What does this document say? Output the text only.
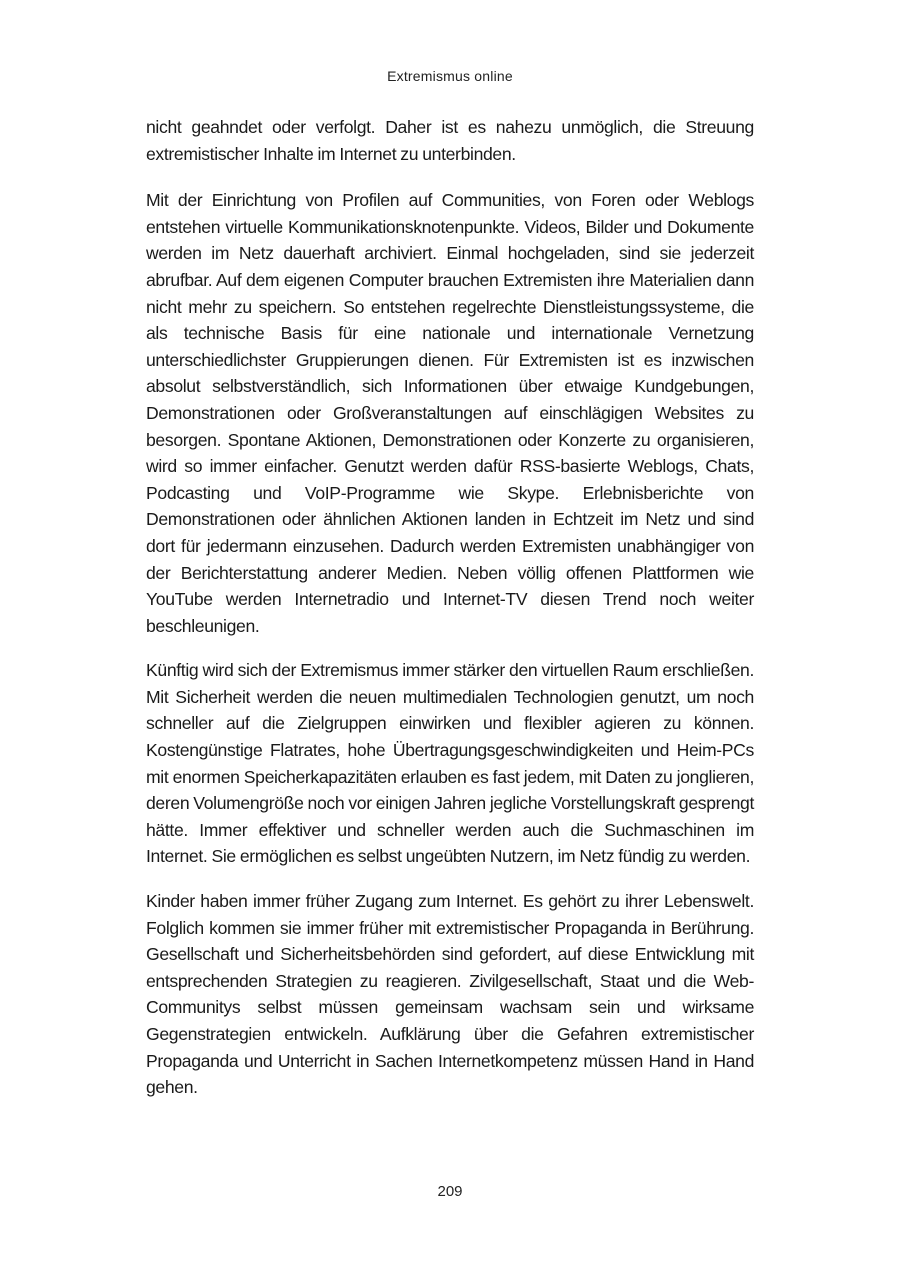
Extremismus online

nicht geahndet oder verfolgt. Daher ist es nahezu unmöglich, die Streuung extremistischer Inhalte im Internet zu unterbinden.

Mit der Einrichtung von Profilen auf Communities, von Foren oder Weblogs entstehen virtuelle Kommunikationsknotenpunkte. Videos, Bilder und Dokumente werden im Netz dauerhaft archiviert. Einmal hochgeladen, sind sie jederzeit abrufbar. Auf dem eigenen Computer brauchen Extremisten ihre Materialien dann nicht mehr zu speichern. So entstehen regelrechte Dienstleistungssysteme, die als technische Basis für eine nationale und internationale Vernetzung unterschiedlichster Gruppierungen dienen. Für Extremisten ist es inzwischen absolut selbstverständlich, sich Informationen über etwaige Kundgebungen, Demonstrationen oder Großveranstaltungen auf einschlägigen Websites zu besorgen. Spontane Aktionen, Demonstrationen oder Konzerte zu organisieren, wird so immer einfacher. Genutzt werden dafür RSS-basierte Weblogs, Chats, Podcasting und VoIP-Programme wie Skype. Erlebnisberichte von Demonstrationen oder ähnlichen Aktionen landen in Echtzeit im Netz und sind dort für jedermann einzusehen. Dadurch werden Extremisten unabhängiger von der Berichterstattung anderer Medien. Neben völlig offenen Plattformen wie YouTube werden Internetradio und Internet-TV diesen Trend noch weiter beschleunigen.

Künftig wird sich der Extremismus immer stärker den virtuellen Raum erschließen. Mit Sicherheit werden die neuen multimedialen Technologien genutzt, um noch schneller auf die Zielgruppen einwirken und flexibler agieren zu können. Kostengünstige Flatrates, hohe Übertragungsgeschwindigkeiten und Heim-PCs mit enormen Speicherkapazitäten erlauben es fast jedem, mit Daten zu jonglieren, deren Volumengröße noch vor einigen Jahren jegliche Vorstellungskraft gesprengt hätte. Immer effektiver und schneller werden auch die Suchmaschinen im Internet. Sie ermöglichen es selbst ungeübten Nutzern, im Netz fündig zu werden.

Kinder haben immer früher Zugang zum Internet. Es gehört zu ihrer Lebenswelt. Folglich kommen sie immer früher mit extremistischer Propaganda in Berührung. Gesellschaft und Sicherheitsbehörden sind gefordert, auf diese Entwicklung mit entsprechenden Strategien zu reagieren. Zivilgesellschaft, Staat und die Web-Communitys selbst müssen gemeinsam wachsam sein und wirksame Gegenstrategien entwickeln. Aufklärung über die Gefahren extremistischer Propaganda und Unterricht in Sachen Internetkompetenz müssen Hand in Hand gehen.

209
